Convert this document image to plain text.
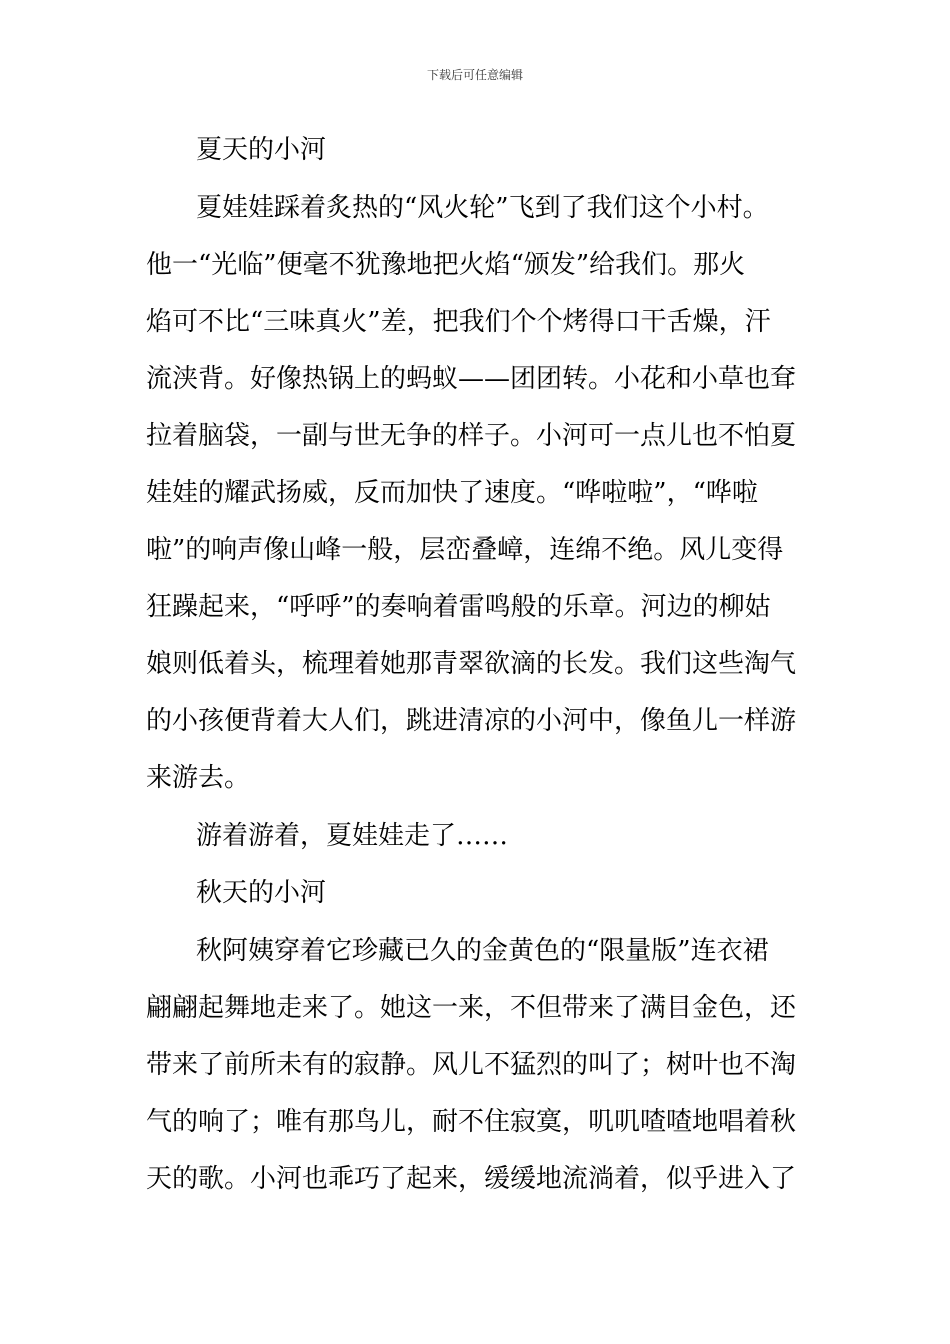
下载后可任意编辑
夏天的小河
夏娃娃踩着炙热的“风火轮”飞到了我们这个小村。
他一“光临”便毫不犹豫地把火焰“颁发”给我们。那火
焰可不比“三味真火”差，把我们个个烤得口干舌燥，汗
流浃背。好像热锅上的蚂蚁——团团转。小花和小草也耷
拉着脑袋，一副与世无争的样子。小河可一点儿也不怕夏
娃娃的耀武扬威，反而加快了速度。“哗啦啦”，“哗啦
啦”的响声像山峰一般，层峦叠嶂，连绵不绝。风儿变得
狂躁起来，“呼呼”的奏响着雷鸣般的乐章。河边的柳姑
娘则低着头，梳理着她那青翠欲滴的长发。我们这些淘气
的小孩便背着大人们，跳进清凉的小河中，像鱼儿一样游
来游去。
游着游着，夏娃娃走了……
秋天的小河
秋阿姨穿着它珍藏已久的金黄色的“限量版”连衣裙
翩翩起舞地走来了。她这一来，不但带来了满目金色，还
带来了前所未有的寂静。风儿不猛烈的叫了；树叶也不淘
气的响了；唯有那鸟儿，耐不住寂寞，叽叽喳喳地唱着秋
天的歌。小河也乖巧了起来，缓缓地流淌着，似乎进入了
